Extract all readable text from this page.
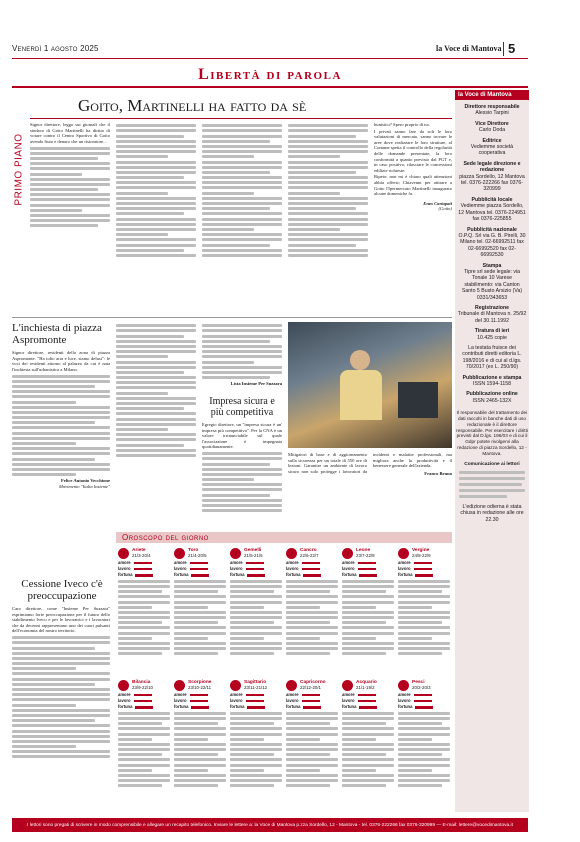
Venerdì 1 agosto 2025	la Voce di Mantova 5
Libertà di parola
la Voce di Mantova

Direttore responsabile

Alessio Tarpini

Vice Direttore

Carlo Doda

Editrice

Vediemme società cooperativa

Sede legale direzione e redazione

piazza Sordello, 12 Mantova tel. 0376-222266 fax 0376-320999

Pubblicità locale

Vediemme piazza Sordello, 12 Mantova tel. 0376-224951 fax 0376-225855

Pubblicità nazionale

O.P.Q. Srl via G. B. Pirelli, 30 Milano tel. 02-66992511 fax 02-66992520 fax 02-66992530

Stampa

Tipre srl sede legale: via Tonale 10 Varese stabilimento: via Canton Santo 5 Busto Arsizio (Va) 0331/343653

Registrazione

Tribunale di Mantova n. 25/92 del 30.11.1992

Tiratura di ieri

10.425 copie

La testata fruisce dei contributi diretti editoria L. 198/2016 e di cui al d.lgs. 70/2017 (ex L. 250/90)

Pubblicazione e stampa

ISSN 1594-1158

Pubblicazione online

ISSN 2465-132X

Il responsabile del trattamento dei dati raccolti in banche dati di uso redazionale è il direttore responsabile. Per esercitare i diritti previsti dal D.lgs. 196/03 e di cui il Gdpr potete rivolgervi alla redazione di piazza Sordello, 12 - Mantova.

Comunicazione ai lettori

L'edizione odierna è stata chiusa in redazione alle ore 22.30

PRIMO PIANO
Goito, Martinelli ha fatto da sè
Signor direttore, leggo sui giornali che il sindaco di Goito Martinelli ha diritto di votare contro il Centro Sportivo di Goito avendo fiuto e denaro che un ristoratore...
bunistici? Spero proprio di no.
I privati sanno fare da soli le loro valutazioni di mercato, sanno trovare le aree dove realizzare le loro strutture, al Comune spetta il controllo della regolarità delle domande presentate, la loro conformità a quanto previsto dal PGT e, in caso positivo, rilasciare le concessioni edilizie richieste.
Ripeto: non mi è chiaro quali attenzioni abbia offerto Chiavenni per attirare a Goito l'Ipermercato Martinelli inaugurato alcune domeniche fa.
Enzo Cartapati
(Goito)
L'inchiesta di piazza Aspromonte
Signor direttore, residenti della zona di piazza Aspromonte. "Ha tolto aria e luce, siamo delusi": le voci dei residenti attorno al palazzo da cui è nata l'inchiesta sull'urbanistica a Milano.
Felice Antonio Vecchione
Movimento "Italia Insieme"
Cessione Iveco c'è preoccupazione
Caro direttore, come "Insieme Per Suzzara" esprimiamo forte preoccupazione per il futuro dello stabilimento Iveco e per le lavoratrici e i lavoratori che da decenni rappresentano uno dei cuori pulsanti dell'economia del nostro territorio.
Lista Insieme Per Suzzara
Impresa sicura e più competitiva
Egregio direttore, un "impresa sicura è un' impresa più competitiva". Per la CNA è un valore irrinunciabile sul quale l'associazione è impegnata quotidianamente.
Mitigatori di base e di aggiornamento sulla sicurezza per un totale di 550 ore di lezioni. Garantire un ambiente di lavoro sicuro non solo protegge i lavoratori da incidenti e malattie professionali, ma migliora anche la produttività e il benessere generale dell'azienda.
Franco Bruno
Oroscopo del giorno
Ariete
21/3-20/4
amore
lavoro
fortuna
Toro
21/4-20/5
amore
lavoro
fortuna
Gemelli
21/5-21/6
amore
lavoro
fortuna
Cancro
22/6-22/7
amore
lavoro
fortuna
Leone
23/7-22/8
amore
lavoro
fortuna
Vergine
24/8-22/9
amore
lavoro
fortuna
Bilancia
23/9-22/10
amore
lavoro
fortuna
Scorpione
23/10-22/11
amore
lavoro
fortuna
Sagittario
23/11-21/12
amore
lavoro
fortuna
Capricorno
22/12-20/1
amore
lavoro
fortuna
Acquario
21/1-19/2
amore
lavoro
fortuna
Pesci
20/2-20/3
amore
lavoro
fortuna
I lettori sono pregati di scrivere in modo comprensibile e allegare un recapito telefonico. Inviare le lettere a: la Voce di Mantova p.zza Sordello, 12 - Mantova - tel. 0376-222266 fax 0376-320999 — E-mail: lettere@vocedimantova.it
